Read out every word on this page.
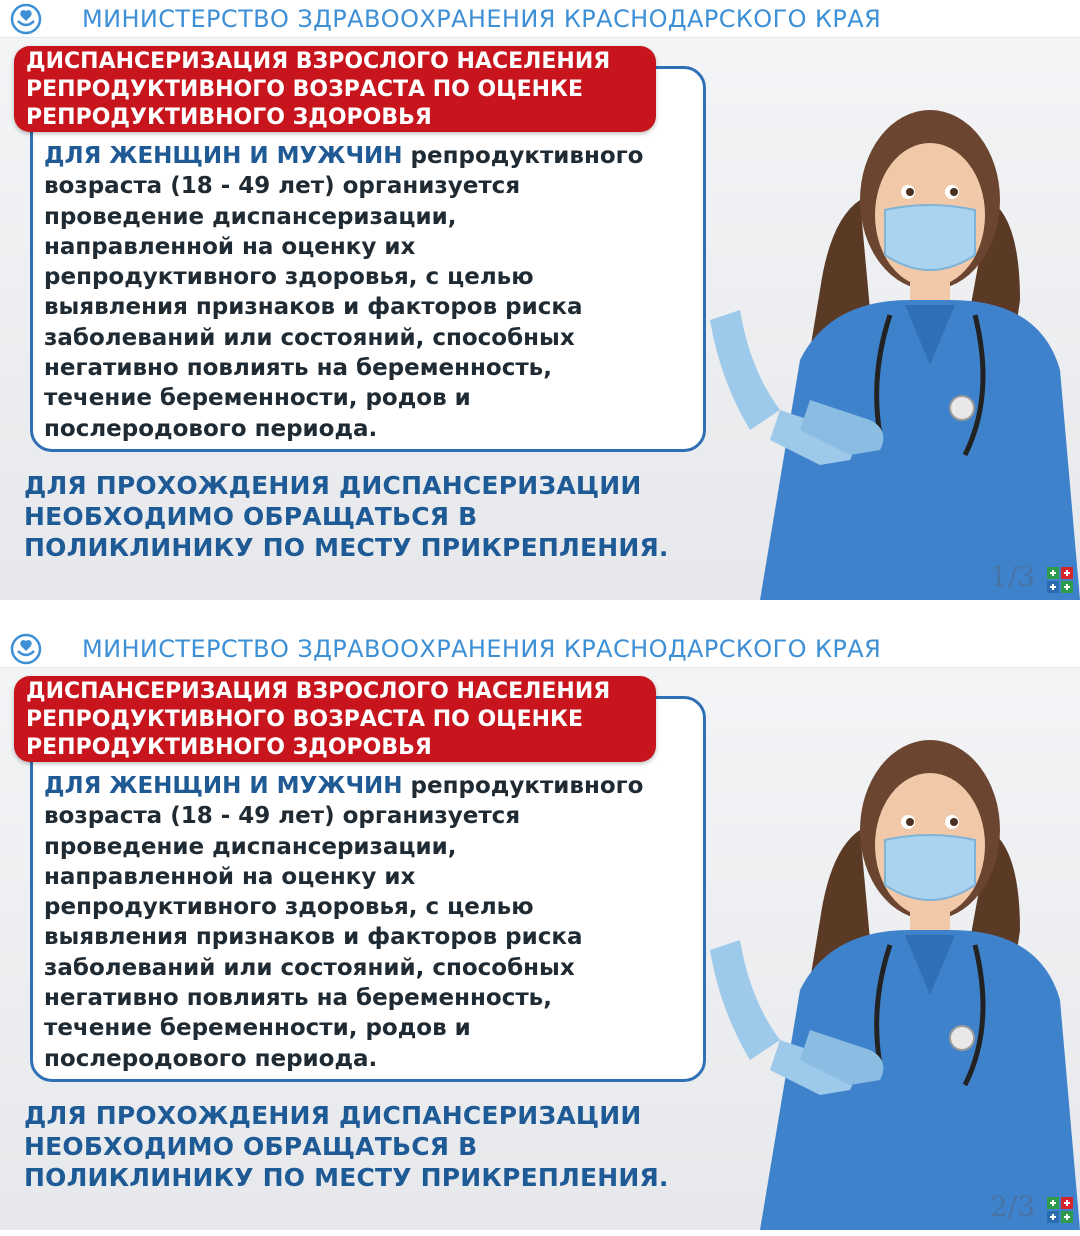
МИНИСТЕРСТВО ЗДРАВООХРАНЕНИЯ КРАСНОДАРСКОГО КРАЯ
ДИСПАНСЕРИЗАЦИЯ ВЗРОСЛОГО НАСЕЛЕНИЯ
РЕПРОДУКТИВНОГО ВОЗРАСТА ПО ОЦЕНКЕ
РЕПРОДУКТИВНОГО ЗДОРОВЬЯ
ДЛЯ ЖЕНЩИН И МУЖЧИН репродуктивного
возраста (18 - 49 лет) организуется
проведение диспансеризации,
направленной на оценку их
репродуктивного здоровья, с целью
выявления признаков и факторов риска
заболеваний или состояний, способных
негативно повлиять на беременность,
течение беременности, родов и
послеродового периода.
ДЛЯ ПРОХОЖДЕНИЯ ДИСПАНСЕРИЗАЦИИ
НЕОБХОДИМО ОБРАЩАТЬСЯ В
ПОЛИКЛИНИКУ ПО МЕСТУ ПРИКРЕПЛЕНИЯ.
1/3
МИНИСТЕРСТВО ЗДРАВООХРАНЕНИЯ КРАСНОДАРСКОГО КРАЯ
ДИСПАНСЕРИЗАЦИЯ ВЗРОСЛОГО НАСЕЛЕНИЯ
РЕПРОДУКТИВНОГО ВОЗРАСТА ПО ОЦЕНКЕ
РЕПРОДУКТИВНОГО ЗДОРОВЬЯ
ДЛЯ ЖЕНЩИН И МУЖЧИН репродуктивного
возраста (18 - 49 лет) организуется
проведение диспансеризации,
направленной на оценку их
репродуктивного здоровья, с целью
выявления признаков и факторов риска
заболеваний или состояний, способных
негативно повлиять на беременность,
течение беременности, родов и
послеродового периода.
ДЛЯ ПРОХОЖДЕНИЯ ДИСПАНСЕРИЗАЦИИ
НЕОБХОДИМО ОБРАЩАТЬСЯ В
ПОЛИКЛИНИКУ ПО МЕСТУ ПРИКРЕПЛЕНИЯ.
2/3
